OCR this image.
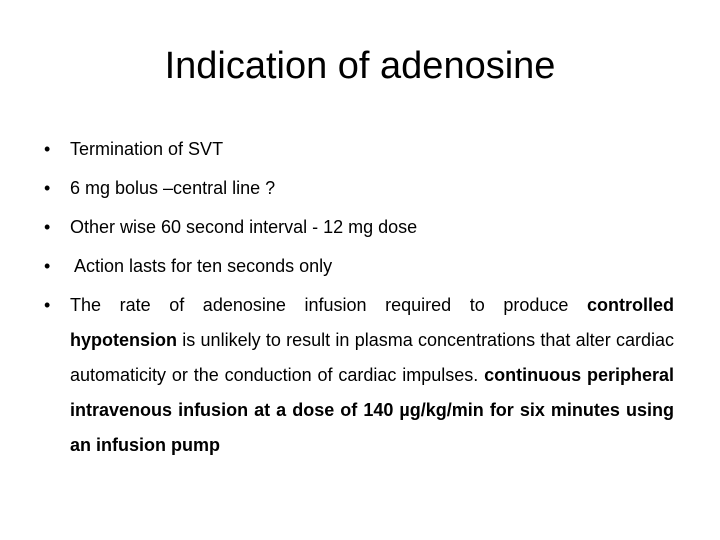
Indication of adenosine
•	Termination of SVT
•	6 mg bolus –central line ?
•	Other wise 60 second interval - 12 mg dose
•	Action lasts for ten seconds only
•	The rate of adenosine infusion required to produce controlled hypotension is unlikely to result in plasma concentrations that alter cardiac automaticity or the conduction of cardiac impulses. continuous peripheral intravenous infusion at a dose of 140 µg/kg/min for six minutes using an infusion pump
